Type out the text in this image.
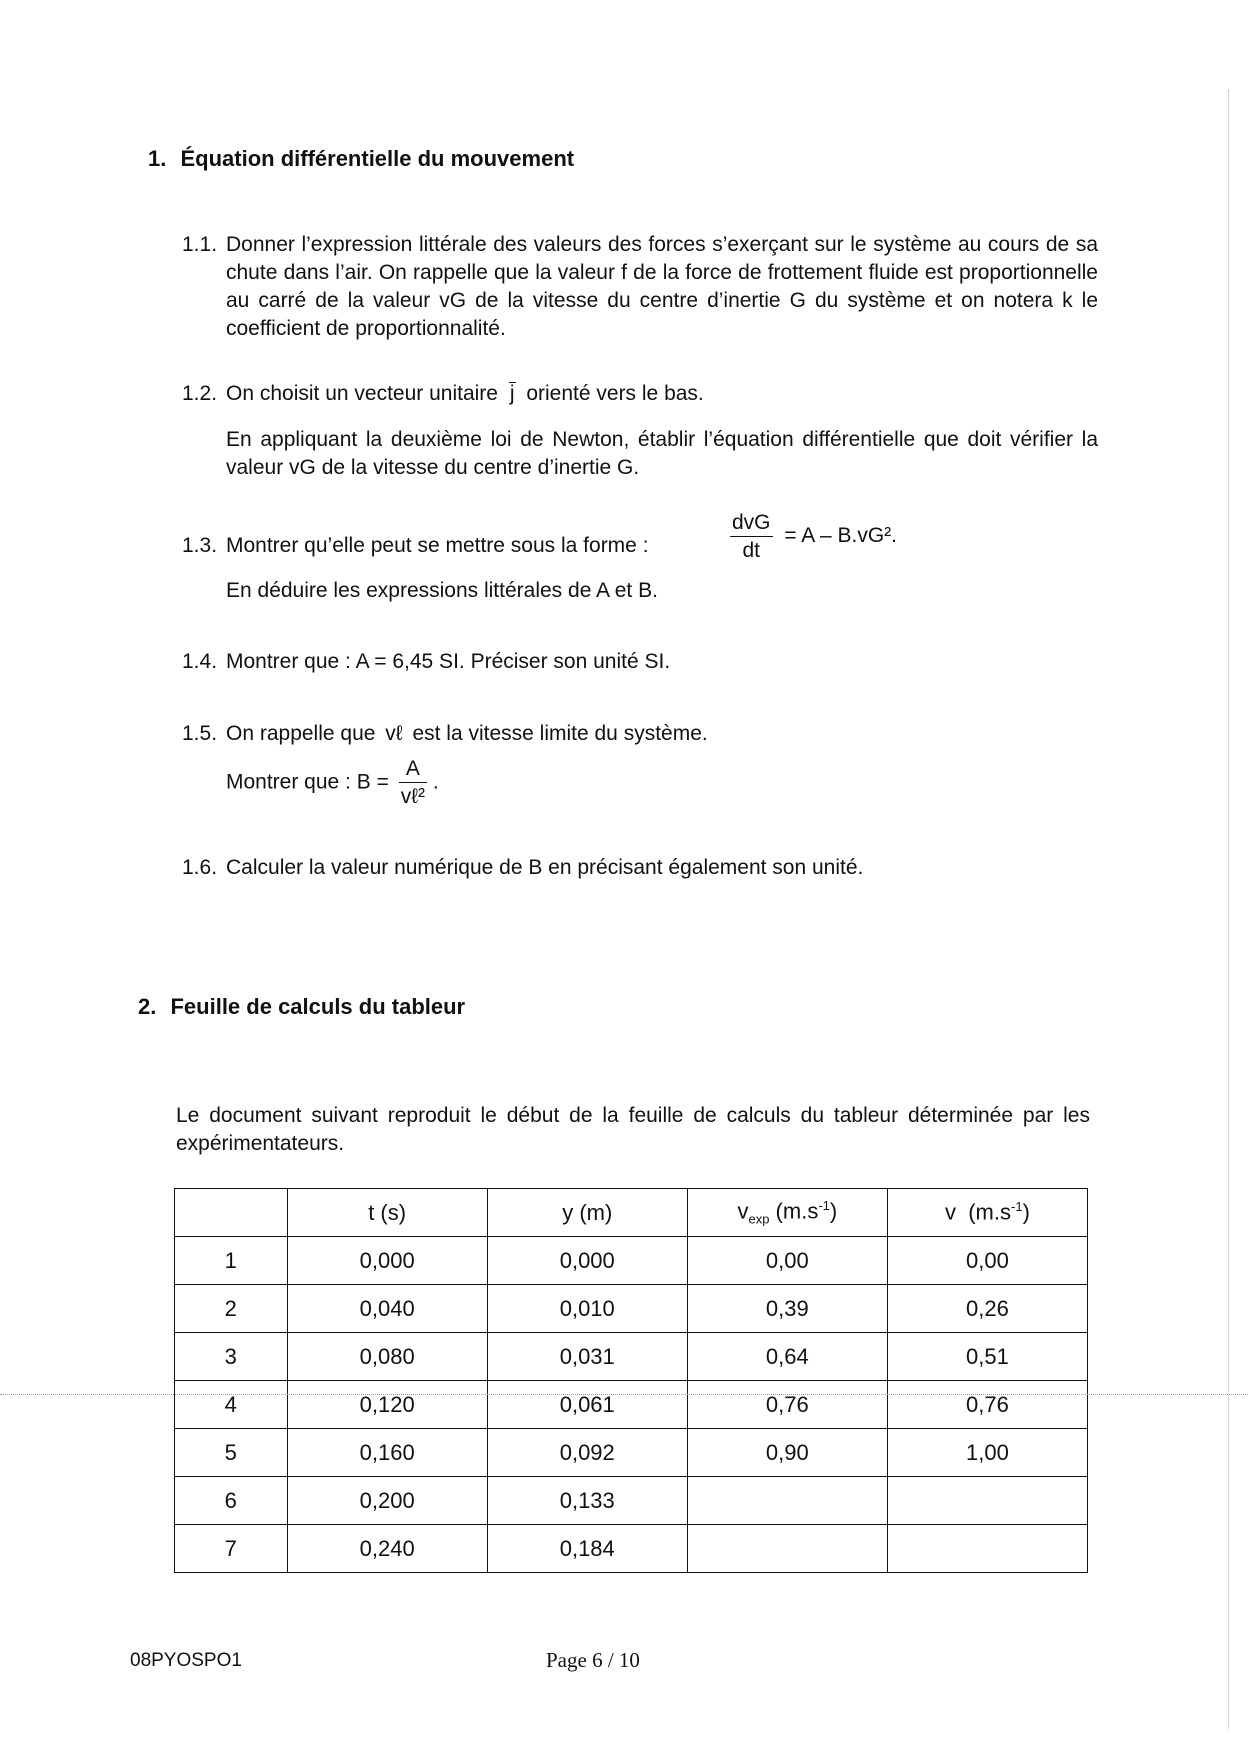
1. Équation différentielle du mouvement
1.1. Donner l’expression littérale des valeurs des forces s’exerçant sur le système au cours de sa chute dans l’air. On rappelle que la valeur f de la force de frottement fluide est proportionnelle au carré de la valeur vG de la vitesse du centre d’inertie G du système et on notera k le coefficient de proportionnalité.
1.2. On choisit un vecteur unitaire j orienté vers le bas.
En appliquant la deuxième loi de Newton, établir l’équation différentielle que doit vérifier la valeur vG de la vitesse du centre d’inertie G.
1.3. Montrer qu’elle peut se mettre sous la forme :	$\frac{\text{dvG}}{dt} = A - B.vG^2$.
En déduire les expressions littérales de A et B.
1.4. Montrer que : A = 6,45 SI. Préciser son unité SI.
1.5. On rappelle que vℓ est la vitesse limite du système.
Montrer que : $B = \frac{A}{\text{vℓ²}}$ .
1.6. Calculer la valeur numérique de B en précisant également son unité.
2. Feuille de calculs du tableur
Le document suivant reproduit le début de la feuille de calculs du tableur déterminée par les expérimentateurs.
	t (s)	y (m)	$v_{exp}$ $(m.s^{-1})$	v  $(m.s^{-1})$
1	0,000	0,000	0,00	0,00
2	0,040	0,010	0,39	0,26
3	0,080	0,031	0,64	0,51
4	0,120	0,061	0,76	0,76
5	0,160	0,092	0,90	1,00
6	0,200	0,133		
7	0,240	0,184		
08PYOSPO1	Page 6 / 10
